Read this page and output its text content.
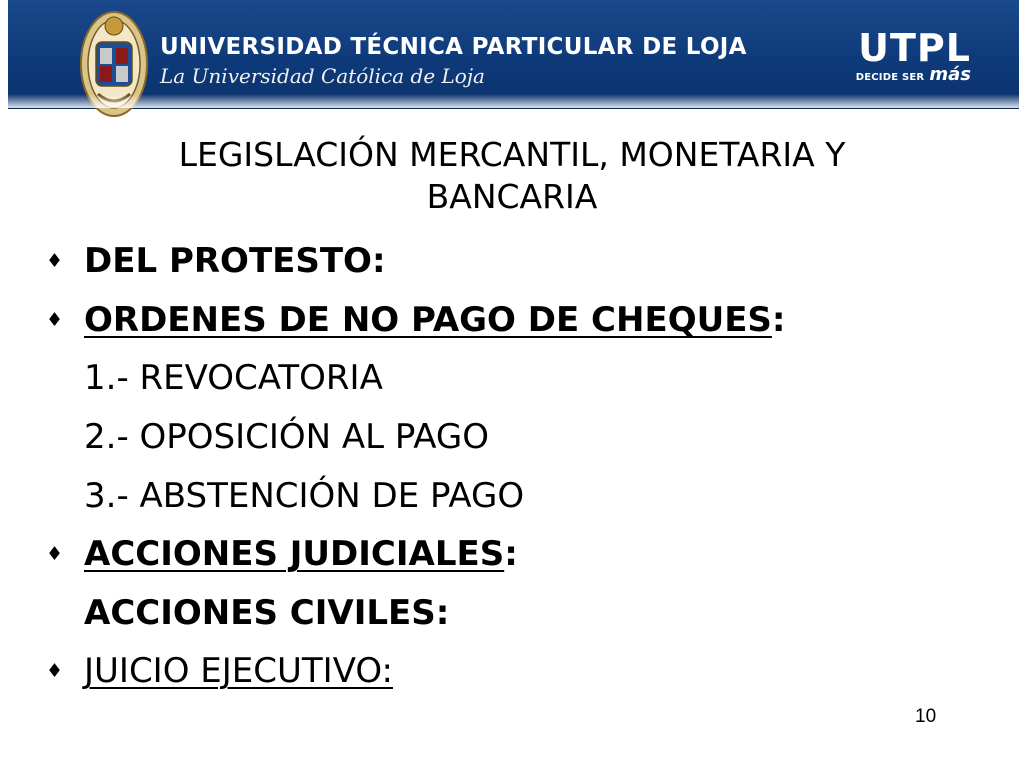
UNIVERSIDAD TÉCNICA PARTICULAR DE LOJA
La Universidad Católica de Loja
UTPL
DECIDE SER más
LEGISLACIÓN MERCANTIL, MONETARIA Y
BANCARIA
♦ DEL PROTESTO:
♦ ORDENES DE NO PAGO DE CHEQUES:
1.- REVOCATORIA
2.- OPOSICIÓN AL PAGO
3.- ABSTENCIÓN DE PAGO
♦ ACCIONES JUDICIALES:
ACCIONES CIVILES:
♦ JUICIO EJECUTIVO:
10
